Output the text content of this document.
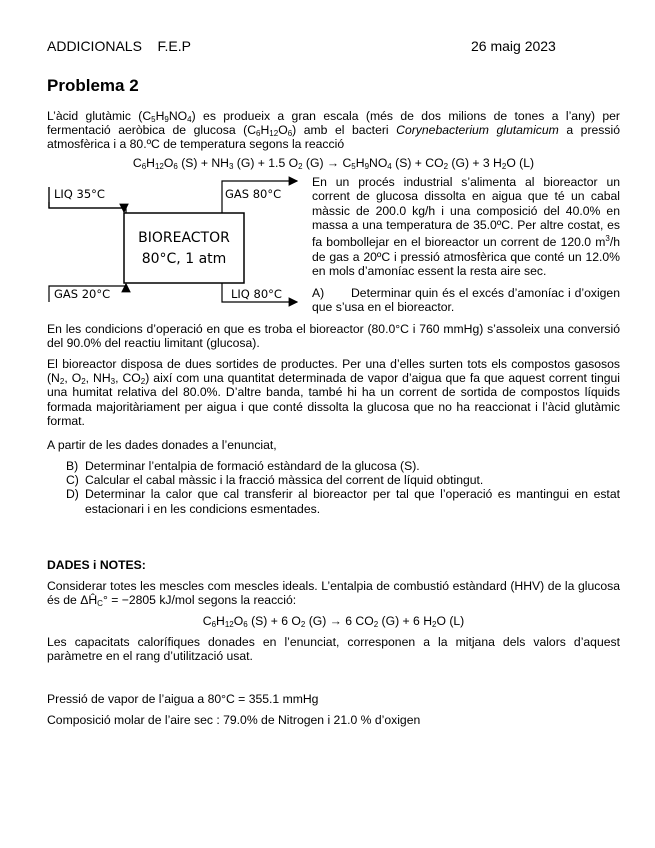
ADDICIONALS    F.E.P	26 maig 2023
Problema 2
L’àcid glutàmic $(C_5H_9NO_4)$ es produeix a gran escala (més de dos milions de tones a l’any) per fermentació aeròbica de glucosa $(C_6H_{12}O_6)$ amb el bacteri Corynebacterium glutamicum a pressió atmosfèrica i a 80.ºC de temperatura segons la reacció
$C_6H_{12}O_6$ $(S) + NH_3$ (G) + 1.5 $O_2$ $(G) \to C_5H_9NO_4$ $(S) + CO_2$ (G) + 3 $H_2O$ (L)
LIQ 35°C	GAS 80°C
GAS 20°C	LIQ 80°C
BIOREACTOR
80°C, 1 atm
En un procés industrial s’alimenta al bioreactor un corrent de glucosa dissolta en aigua que té un cabal màssic de 200.0 kg/h i una composició del 40.0% en massa a una temperatura de 35.0ºC. Per altre costat, es fa bombollejar en el bioreactor un corrent de 120.0 $m^3/h$ de gas a 20ºC i pressió atmosfèrica que conté un 12.0% en mols d’amoníac essent la resta aire sec.
A) Determinar quin és el excés d’amoníac i d’oxigen que s’usa en el bioreactor.
En les condicions d’operació en que es troba el bioreactor (80.0°C i 760 mmHg) s’assoleix una conversió del 90.0% del reactiu limitant (glucosa).
El bioreactor disposa de dues sortides de productes. Per una d’elles surten tots els compostos gasosos ($N_2$, $O_2$, $NH_3$, $CO_2$) així com una quantitat determinada de vapor d’aigua que fa que aquest corrent tingui una humitat relativa del 80.0%. D’altre banda, també hi ha un corrent de sortida de compostos líquids formada majoritàriament per aigua i que conté dissolta la glucosa que no ha reaccionat i l’àcid glutàmic format.
A partir de les dades donades a l’enunciat,
B) Determinar l’entalpia de formació estàndard de la glucosa (S).
C) Calcular el cabal màssic i la fracció màssica del corrent de líquid obtingut.
D) Determinar la calor que cal transferir al bioreactor per tal que l’operació es mantingui en estat estacionari i en les condicions esmentades.
DADES i NOTES:
Considerar totes les mescles com mescles ideals. L’entalpia de combustió estàndard (HHV) de la glucosa és de $\Delta Ĥ_C^\circ = -2805$ kJ/mol segons la reacció:
$C_6H_{12}O_6$ (S) + 6 $O_2$ (G) → 6 $CO_2$ (G) + 6 $H_2O$ (L)
Les capacitats calorífiques donades en l’enunciat, corresponen a la mitjana dels valors d’aquest paràmetre en el rang d’utilització usat.
Pressió de vapor de l’aigua a 80°C = 355.1 mmHg
Composició molar de l’aire sec : 79.0% de Nitrogen i 21.0 % d’oxigen
